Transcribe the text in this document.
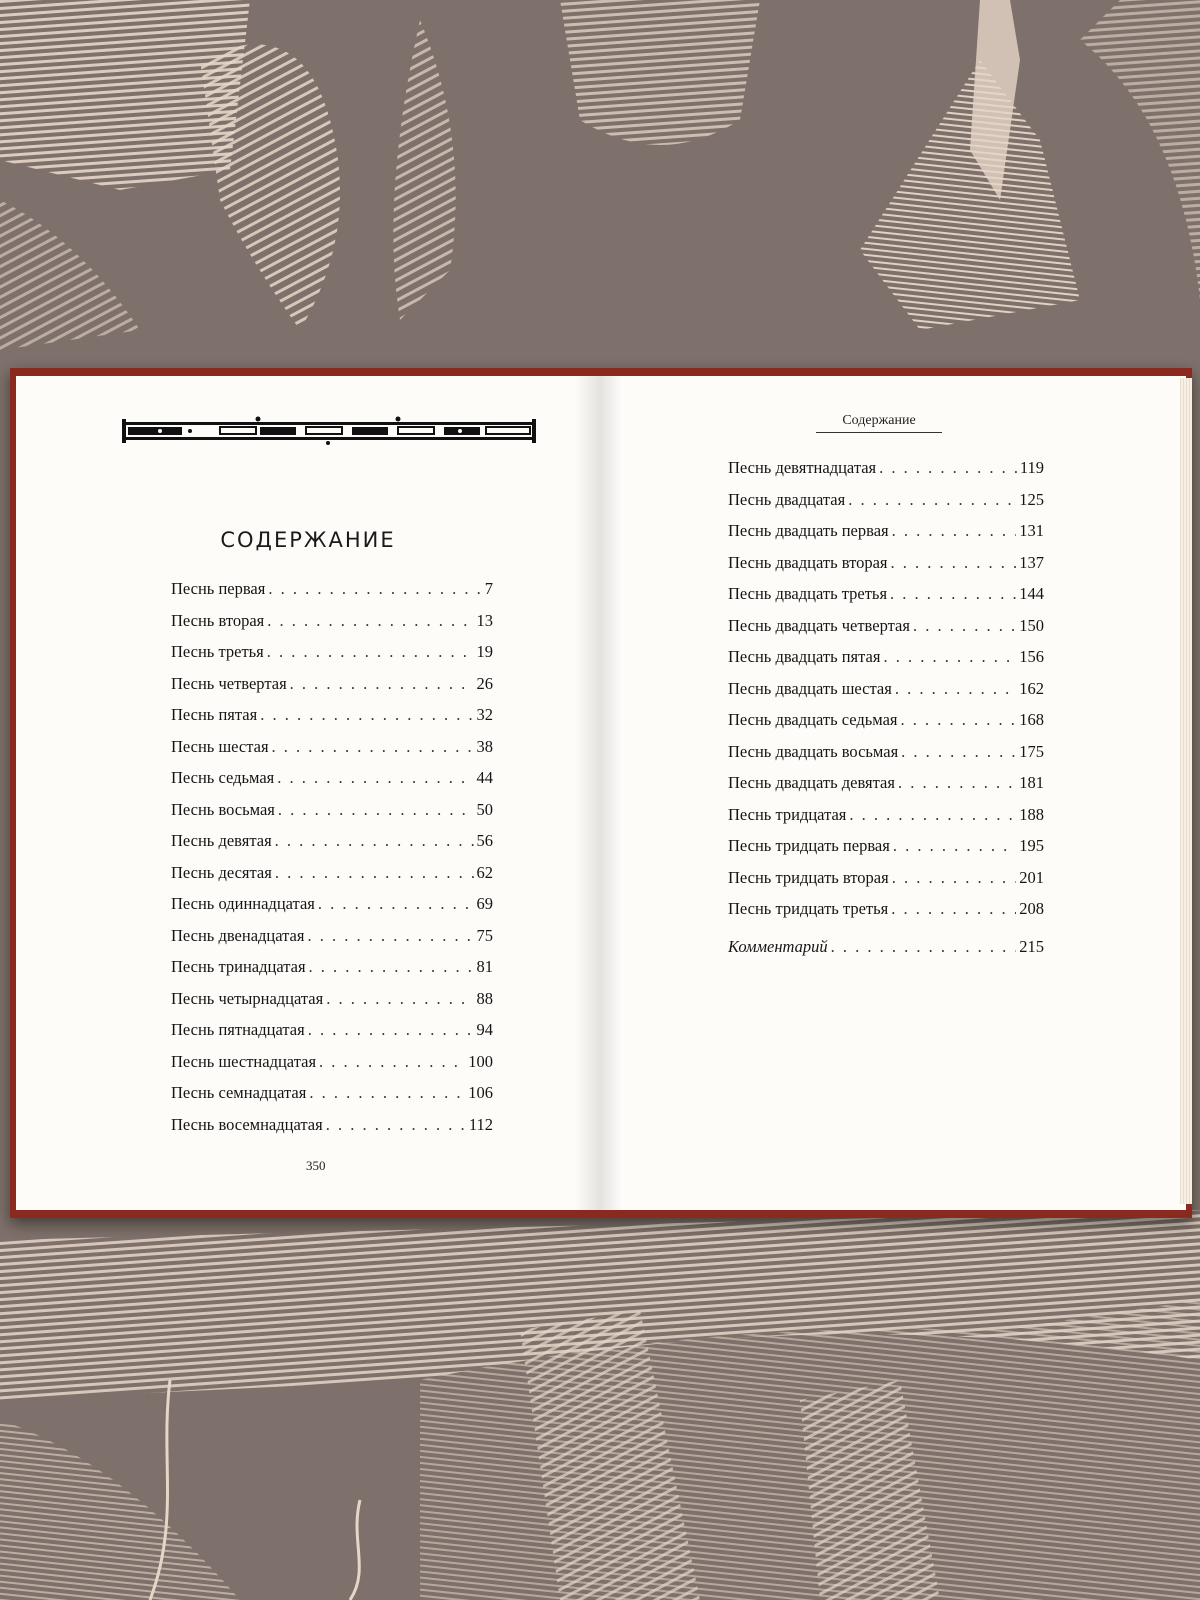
СОДЕРЖАНИЕ
Песнь первая . . .	7
Песнь вторая . . .	13
Песнь третья . . .	19
Песнь четвертая . . .	26
Песнь пятая . . .	32
Песнь шестая . . .	38
Песнь седьмая . . .	44
Песнь восьмая . . .	50
Песнь девятая . . .	56
Песнь десятая . . .	62
Песнь одиннадцатая . . .	69
Песнь двенадцатая . . .	75
Песнь тринадцатая . . .	81
Песнь четырнадцатая . . .	88
Песнь пятнадцатая . . .	94
Песнь шестнадцатая . . .	100
Песнь семнадцатая . . .	106
Песнь восемнадцатая . . .	112
350
Содержание
Песнь девятнадцатая . . .	119
Песнь двадцатая . . .	125
Песнь двадцать первая . . .	131
Песнь двадцать вторая . . .	137
Песнь двадцать третья . . .	144
Песнь двадцать четвертая . . .	150
Песнь двадцать пятая . . .	156
Песнь двадцать шестая . . .	162
Песнь двадцать седьмая . . .	168
Песнь двадцать восьмая . . .	175
Песнь двадцать девятая . . .	181
Песнь тридцатая . . .	188
Песнь тридцать первая . . .	195
Песнь тридцать вторая . . .	201
Песнь тридцать третья . . .	208
Комментарий . . .	215
